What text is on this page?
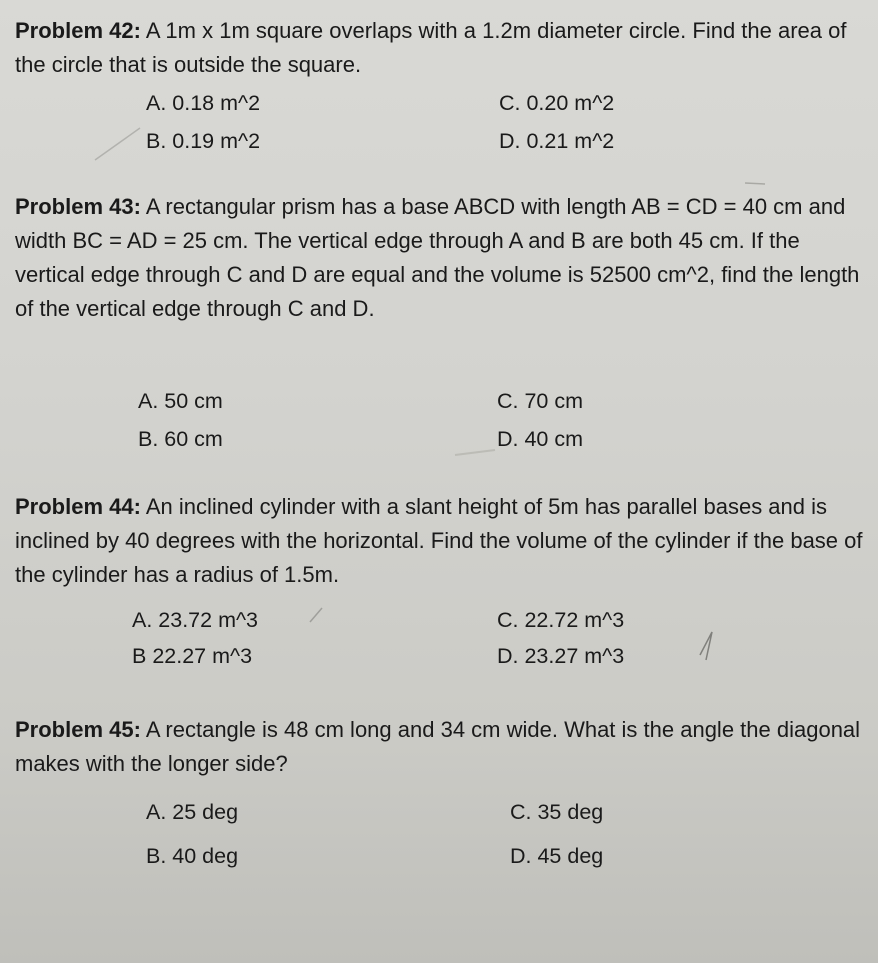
Problem 42: A 1m x 1m square overlaps with a 1.2m diameter circle. Find the area of the circle that is outside the square.

A. 0.18 m^2
B. 0.19 m^2
C. 0.20 m^2
D. 0.21 m^2

Problem 43: A rectangular prism has a base ABCD with length AB = CD = 40 cm and width BC = AD = 25 cm. The vertical edge through A and B are both 45 cm. If the vertical edge through C and D are equal and the volume is 52500 cm^2, find the length of the vertical edge through C and D.

A. 50 cm
B. 60 cm
C. 70 cm
D. 40 cm

Problem 44: An inclined cylinder with a slant height of 5m has parallel bases and is inclined by 40 degrees with the horizontal. Find the volume of the cylinder if the base of the cylinder has a radius of 1.5m.

A. 23.72 m^3
B 22.27 m^3
C. 22.72 m^3
D. 23.27 m^3

Problem 45: A rectangle is 48 cm long and 34 cm wide. What is the angle the diagonal makes with the longer side?

A. 25 deg
B. 40 deg
C. 35 deg
D. 45 deg
